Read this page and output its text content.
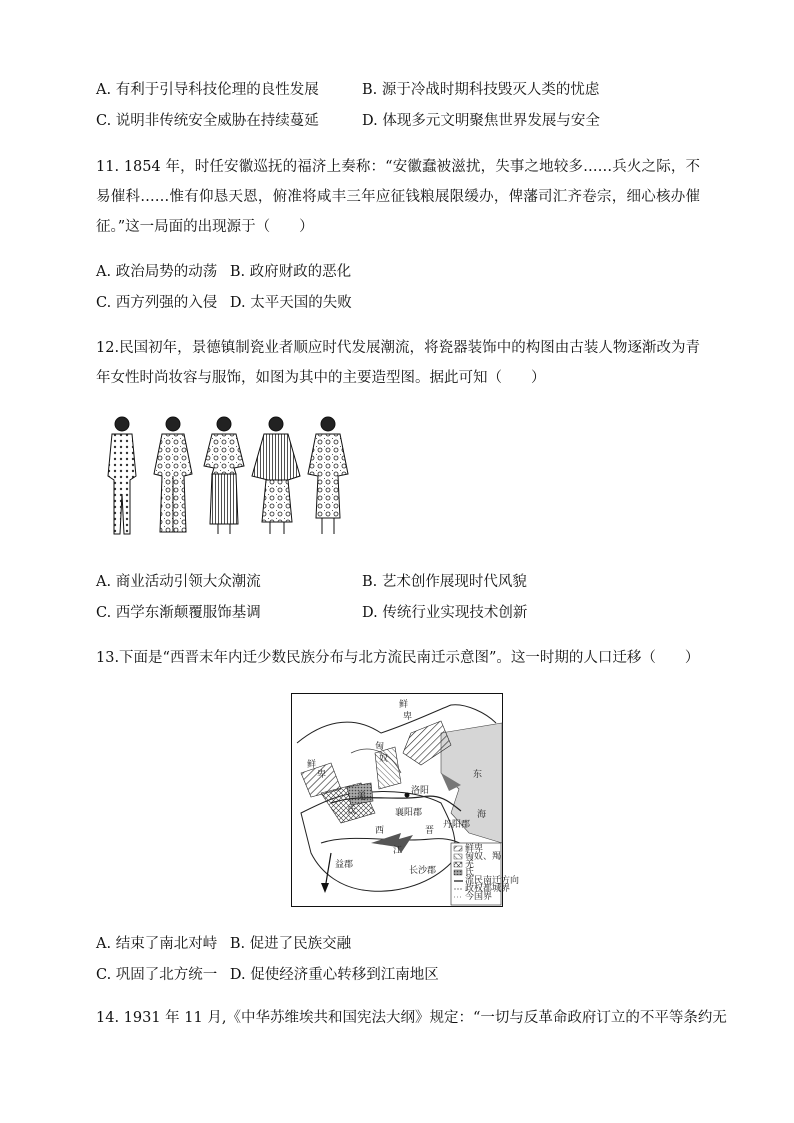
A. 有利于引导科技伦理的良性发展	B. 源于冷战时期科技毁灭人类的忧虑
C. 说明非传统安全威胁在持续蔓延	D. 体现多元文明聚焦世界发展与安全
11. 1854 年，时任安徽巡抚的福济上奏称：“安徽蠢被滋扰，失事之地较多……兵火之际，不易催科……惟有仰恳天恩，俯准将咸丰三年应征钱粮展限缓办，俾藩司汇齐卷宗，细心核办催征。”这一局面的出现源于（　　）
A. 政治局势的动荡 B. 政府财政的恶化
C. 西方列强的入侵 D. 太平天国的失败
12.民国初年，景德镇制瓷业者顺应时代发展潮流，将瓷器装饰中的构图由古装人物逐渐改为青年女性时尚妆容与服饰，如图为其中的主要造型图。据此可知（　　）
A. 商业活动引领大众潮流	B. 艺术创作展现时代风貌
C. 西学东渐颠覆服饰基调	D. 传统行业实现技术创新
13.下面是“西晋末年内迁少数民族分布与北方流民南迁示意图”。这一时期的人口迁移（　　）
鲜
卑
匈
奴
鲜
卑
羌
氐
洛阳
西	晋
东
海
长沙郡
江
襄阳郡
丹阳郡
益郡
鲜卑
匈奴、羯
羌
氐
流民南迁方向
政权都城界
今国界
A. 结束了南北对峙 B. 促进了民族交融
C. 巩固了北方统一 D. 促使经济重心转移到江南地区
14. 1931 年 11 月,《中华苏维埃共和国宪法大纲》规定：“一切与反革命政府订立的不平等条约无
